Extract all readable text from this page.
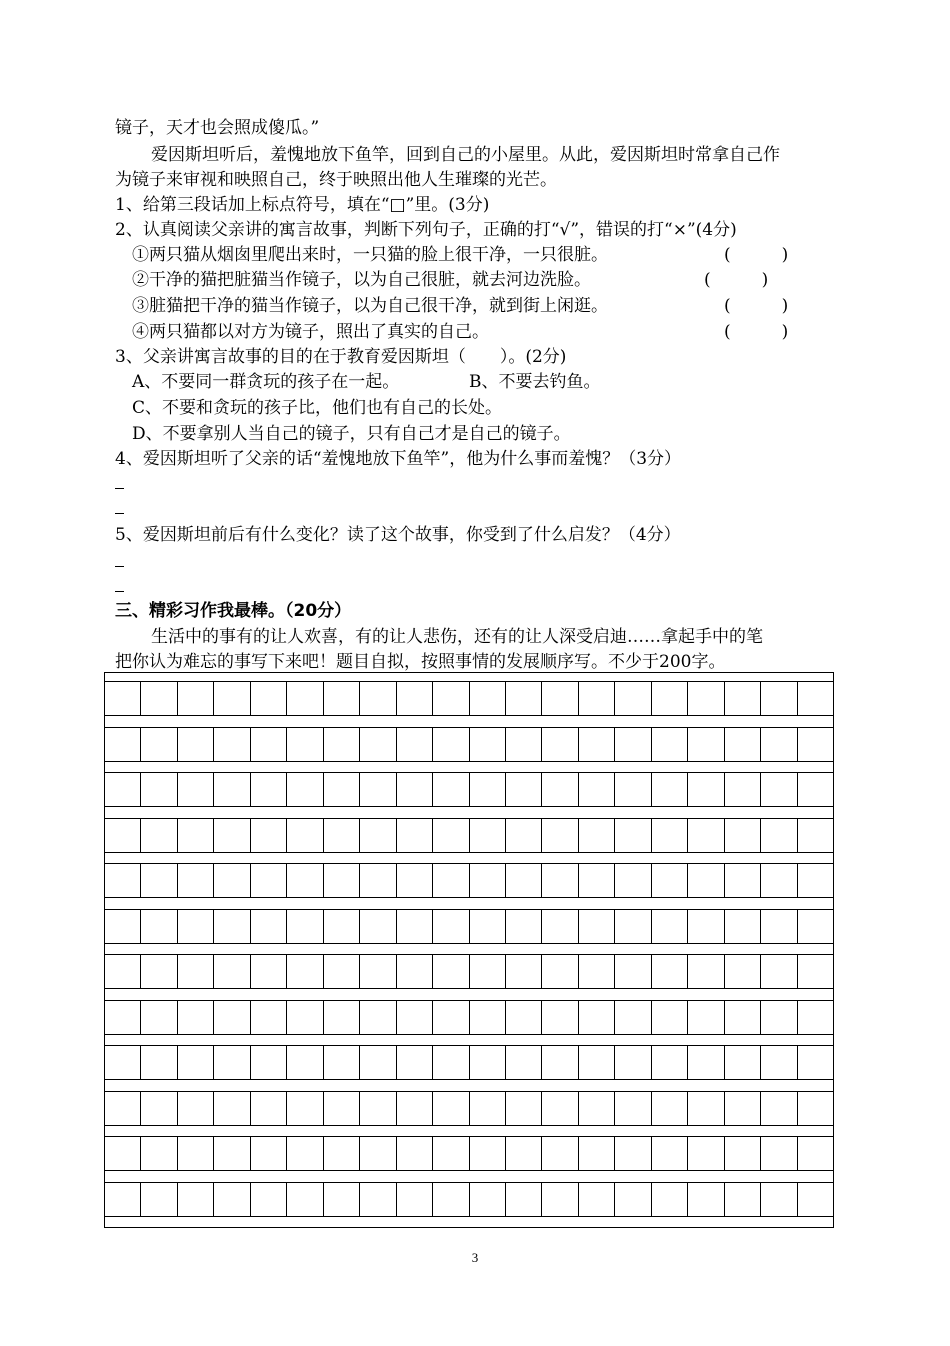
镜子，天才也会照成傻瓜。”
爱因斯坦听后，羞愧地放下鱼竿，回到自己的小屋里。从此，爱因斯坦时常拿自己作
为镜子来审视和映照自己，终于映照出他人生璀璨的光芒。
1、给第三段话加上标点符号，填在“□”里。(3分)
2、认真阅读父亲讲的寓言故事，判断下列句子，正确的打“√”，错误的打“×”(4分)
①两只猫从烟囱里爬出来时，一只猫的脸上很干净，一只很脏。	(　　　)
②干净的猫把脏猫当作镜子，以为自己很脏，就去河边洗脸。	(　　　)
③脏猫把干净的猫当作镜子，以为自己很干净，就到街上闲逛。	(　　　)
④两只猫都以对方为镜子，照出了真实的自己。	(　　　)
3、父亲讲寓言故事的目的在于教育爱因斯坦（　　）。(2分)
A、不要同一群贪玩的孩子在一起。	B、不要去钓鱼。
C、不要和贪玩的孩子比，他们也有自己的长处。
D、不要拿别人当自己的镜子，只有自己才是自己的镜子。
4、爱因斯坦听了父亲的话“羞愧地放下鱼竿”，他为什么事而羞愧？（3分）
5、爱因斯坦前后有什么变化？读了这个故事，你受到了什么启发？（4分）
三、精彩习作我最棒。（20分）
生活中的事有的让人欢喜，有的让人悲伤，还有的让人深受启迪……拿起手中的笔
把你认为难忘的事写下来吧！题目自拟，按照事情的发展顺序写。不少于200字。
3
